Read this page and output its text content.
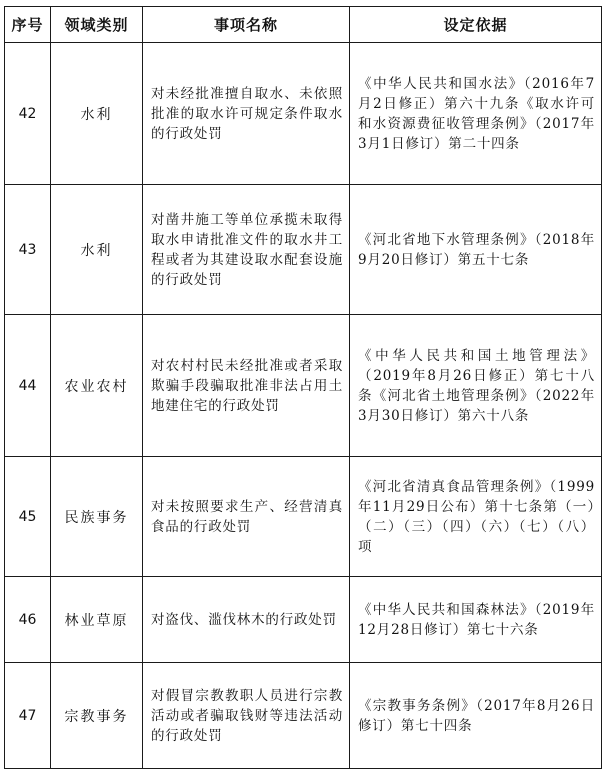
序号	领域类别	事项名称	设定依据
42	水利	对未经批准擅自取水、未依照批准的取水许可规定条件取水的行政处罚	《中华人民共和国水法》（2016年7月2日修正）第六十九条《取水许可和水资源费征收管理条例》（2017年3月1日修订）第二十四条
43	水利	对凿井施工等单位承揽未取得取水申请批准文件的取水井工程或者为其建设取水配套设施的行政处罚	《河北省地下水管理条例》（2018年9月20日修订）第五十七条
44	农业农村	对农村村民未经批准或者采取欺骗手段骗取批准非法占用土地建住宅的行政处罚	《中华人民共和国土地管理法》（2019年8月26日修正）第七十八条《河北省土地管理条例》（2022年3月30日修订）第六十八条
45	民族事务	对未按照要求生产、经营清真食品的行政处罚	《河北省清真食品管理条例》（1999年11月29日公布）第十七条第（一）（二）（三）（四）（六）（七）（八）项
46	林业草原	对盗伐、滥伐林木的行政处罚	《中华人民共和国森林法》（2019年12月28日修订）第七十六条
47	宗教事务	对假冒宗教教职人员进行宗教活动或者骗取钱财等违法活动的行政处罚	《宗教事务条例》（2017年8月26日修订）第七十四条
